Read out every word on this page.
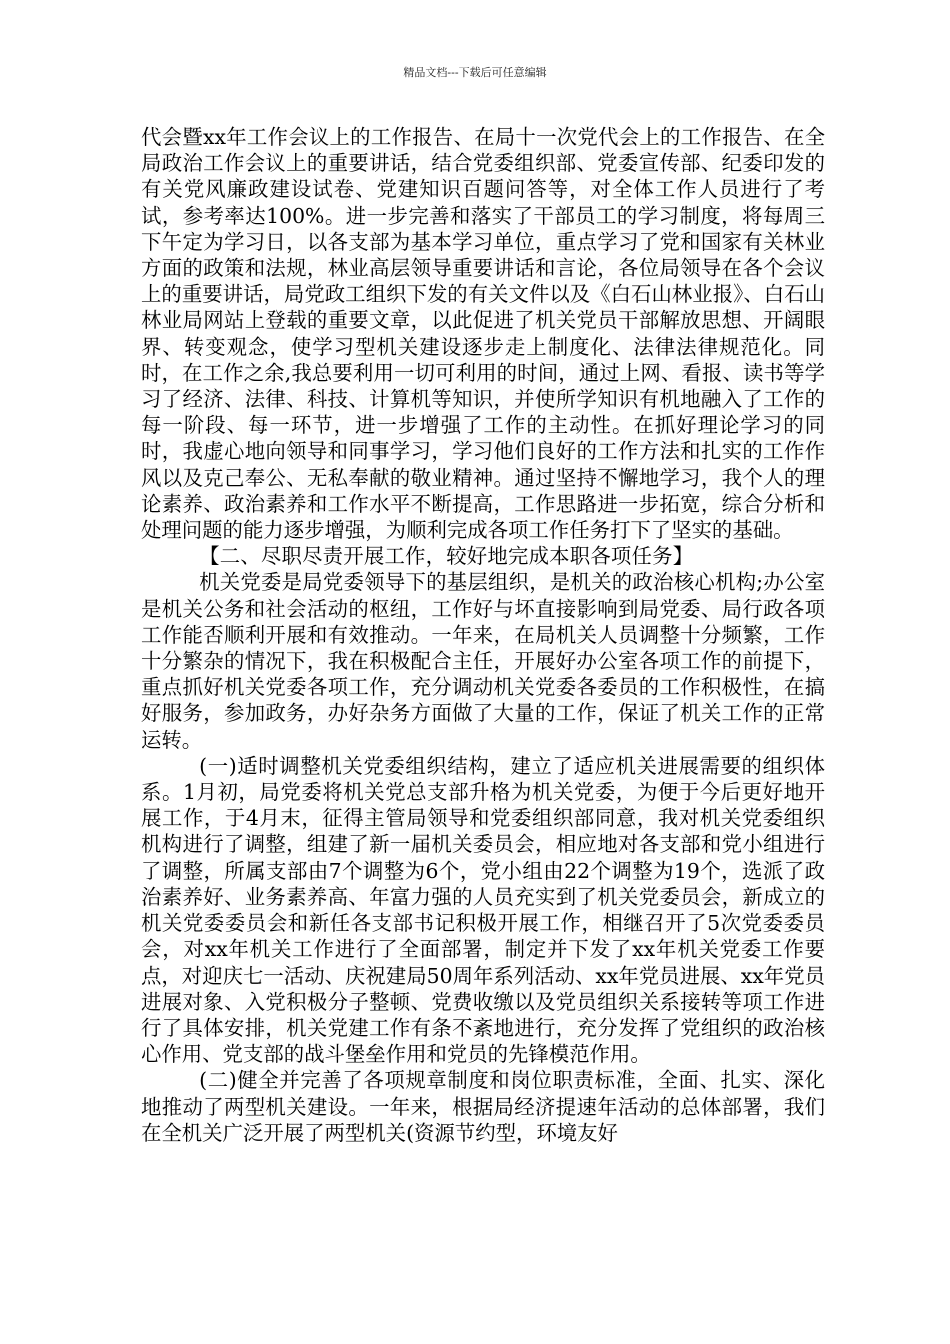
精品文档---下载后可任意编辑

代会暨xx年工作会议上的工作报告、在局十一次党代会上的工作报告、在全局政治工作会议上的重要讲话，结合党委组织部、党委宣传部、纪委印发的有关党风廉政建设试卷、党建知识百题问答等，对全体工作人员进行了考试，参考率达100%。进一步完善和落实了干部员工的学习制度，将每周三下午定为学习日，以各支部为基本学习单位，重点学习了党和国家有关林业方面的政策和法规，林业高层领导重要讲话和言论，各位局领导在各个会议上的重要讲话，局党政工组织下发的有关文件以及《白石山林业报》、白石山林业局网站上登载的重要文章，以此促进了机关党员干部解放思想、开阔眼界、转变观念，使学习型机关建设逐步走上制度化、法律法律规范化。同时，在工作之余,我总要利用一切可利用的时间，通过上网、看报、读书等学习了经济、法律、科技、计算机等知识，并使所学知识有机地融入了工作的每一阶段、每一环节，进一步增强了工作的主动性。在抓好理论学习的同时，我虚心地向领导和同事学习，学习他们良好的工作方法和扎实的工作作风以及克己奉公、无私奉献的敬业精神。通过坚持不懈地学习，我个人的理论素养、政治素养和工作水平不断提高，工作思路进一步拓宽，综合分析和处理问题的能力逐步增强，为顺利完成各项工作任务打下了坚实的基础。

【二、尽职尽责开展工作，较好地完成本职各项任务】

机关党委是局党委领导下的基层组织，是机关的政治核心机构;办公室是机关公务和社会活动的枢纽，工作好与坏直接影响到局党委、局行政各项工作能否顺利开展和有效推动。一年来，在局机关人员调整十分频繁，工作十分繁杂的情况下，我在积极配合主任，开展好办公室各项工作的前提下，重点抓好机关党委各项工作，充分调动机关党委各委员的工作积极性，在搞好服务，参加政务，办好杂务方面做了大量的工作，保证了机关工作的正常运转。

(一)适时调整机关党委组织结构，建立了适应机关进展需要的组织体系。1月初，局党委将机关党总支部升格为机关党委，为便于今后更好地开展工作，于4月末，征得主管局领导和党委组织部同意，我对机关党委组织机构进行了调整，组建了新一届机关委员会，相应地对各支部和党小组进行了调整，所属支部由7个调整为6个，党小组由22个调整为19个，选派了政治素养好、业务素养高、年富力强的人员充实到了机关党委员会，新成立的机关党委委员会和新任各支部书记积极开展工作，相继召开了5次党委委员会，对xx年机关工作进行了全面部署，制定并下发了xx年机关党委工作要点，对迎庆七一活动、庆祝建局50周年系列活动、xx年党员进展、xx年党员进展对象、入党积极分子整顿、党费收缴以及党员组织关系接转等项工作进行了具体安排，机关党建工作有条不紊地进行，充分发挥了党组织的政治核心作用、党支部的战斗堡垒作用和党员的先锋模范作用。

(二)健全并完善了各项规章制度和岗位职责标准，全面、扎实、深化地推动了两型机关建设。一年来，根据局经济提速年活动的总体部署，我们在全机关广泛开展了两型机关(资源节约型，环境友好
